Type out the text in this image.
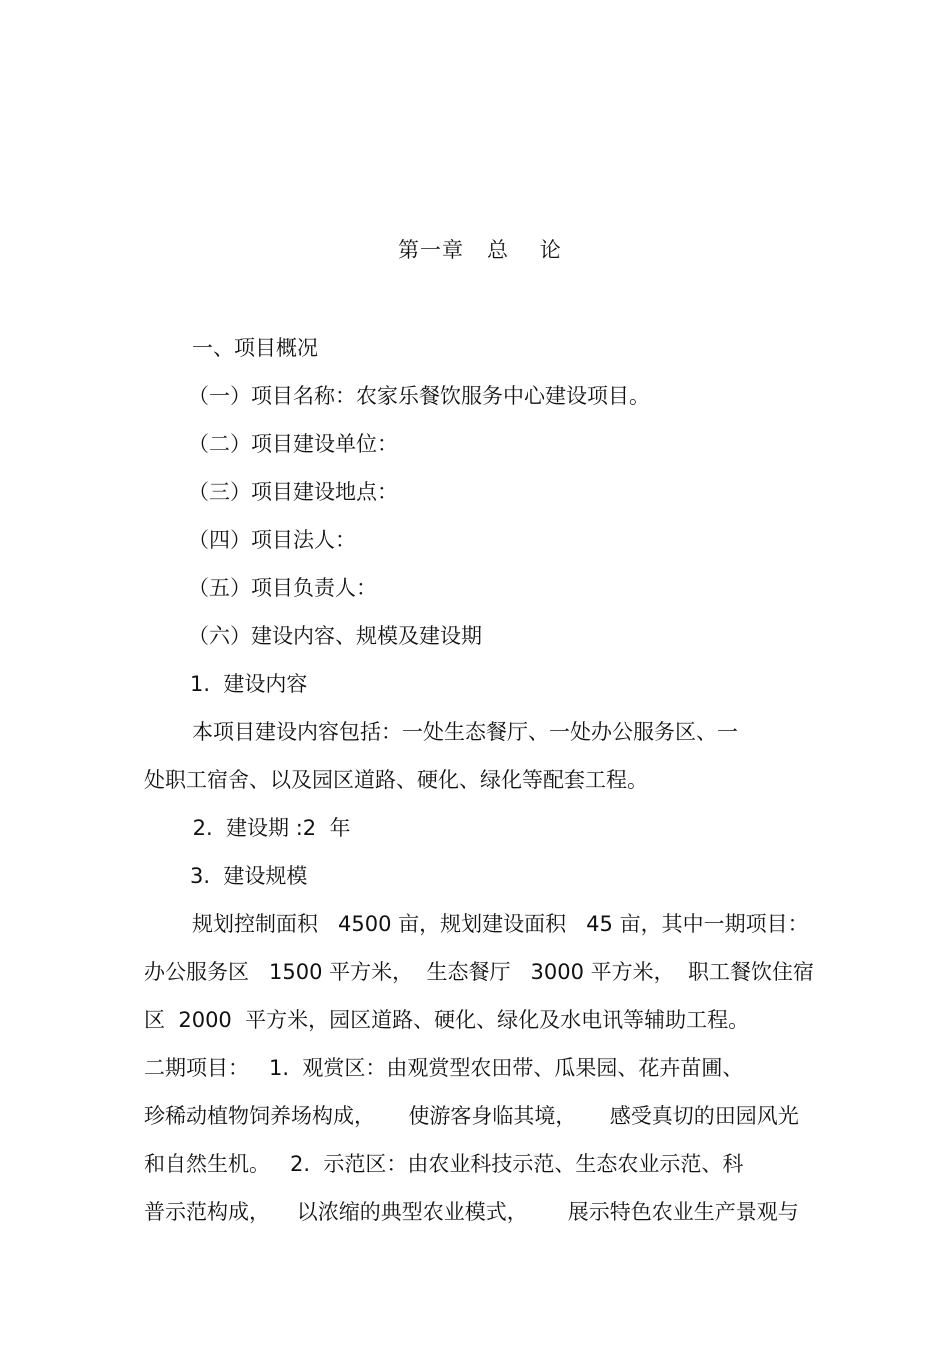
第一章   总    论

一、项目概况

（一）项目名称：农家乐餐饮服务中心建设项目。

（二）项目建设单位：

（三）项目建设地点：

（四）项目法人：

（五）项目负责人：

（六）建设内容、规模及建设期

1.  建设内容

本项目建设内容包括：一处生态餐厅、一处办公服务区、一

处职工宿舍、以及园区道路、硬化、绿化等配套工程。

2.  建设期 :2  年

3.  建设规模

规划控制面积   4500 亩，规划建设面积   45 亩，其中一期项目：

办公服务区   1500 平方米，  生态餐厅   3000 平方米，  职工餐饮住宿

区  2000  平方米，园区道路、硬化、绿化及水电讯等辅助工程。

二期项目：   1.  观赏区：由观赏型农田带、瓜果园、花卉苗圃、

珍稀动植物饲养场构成，     使游客身临其境，     感受真切的田园风光

和自然生机。   2.  示范区：由农业科技示范、生态农业示范、科

普示范构成，    以浓缩的典型农业模式，      展示特色农业生产景观与
